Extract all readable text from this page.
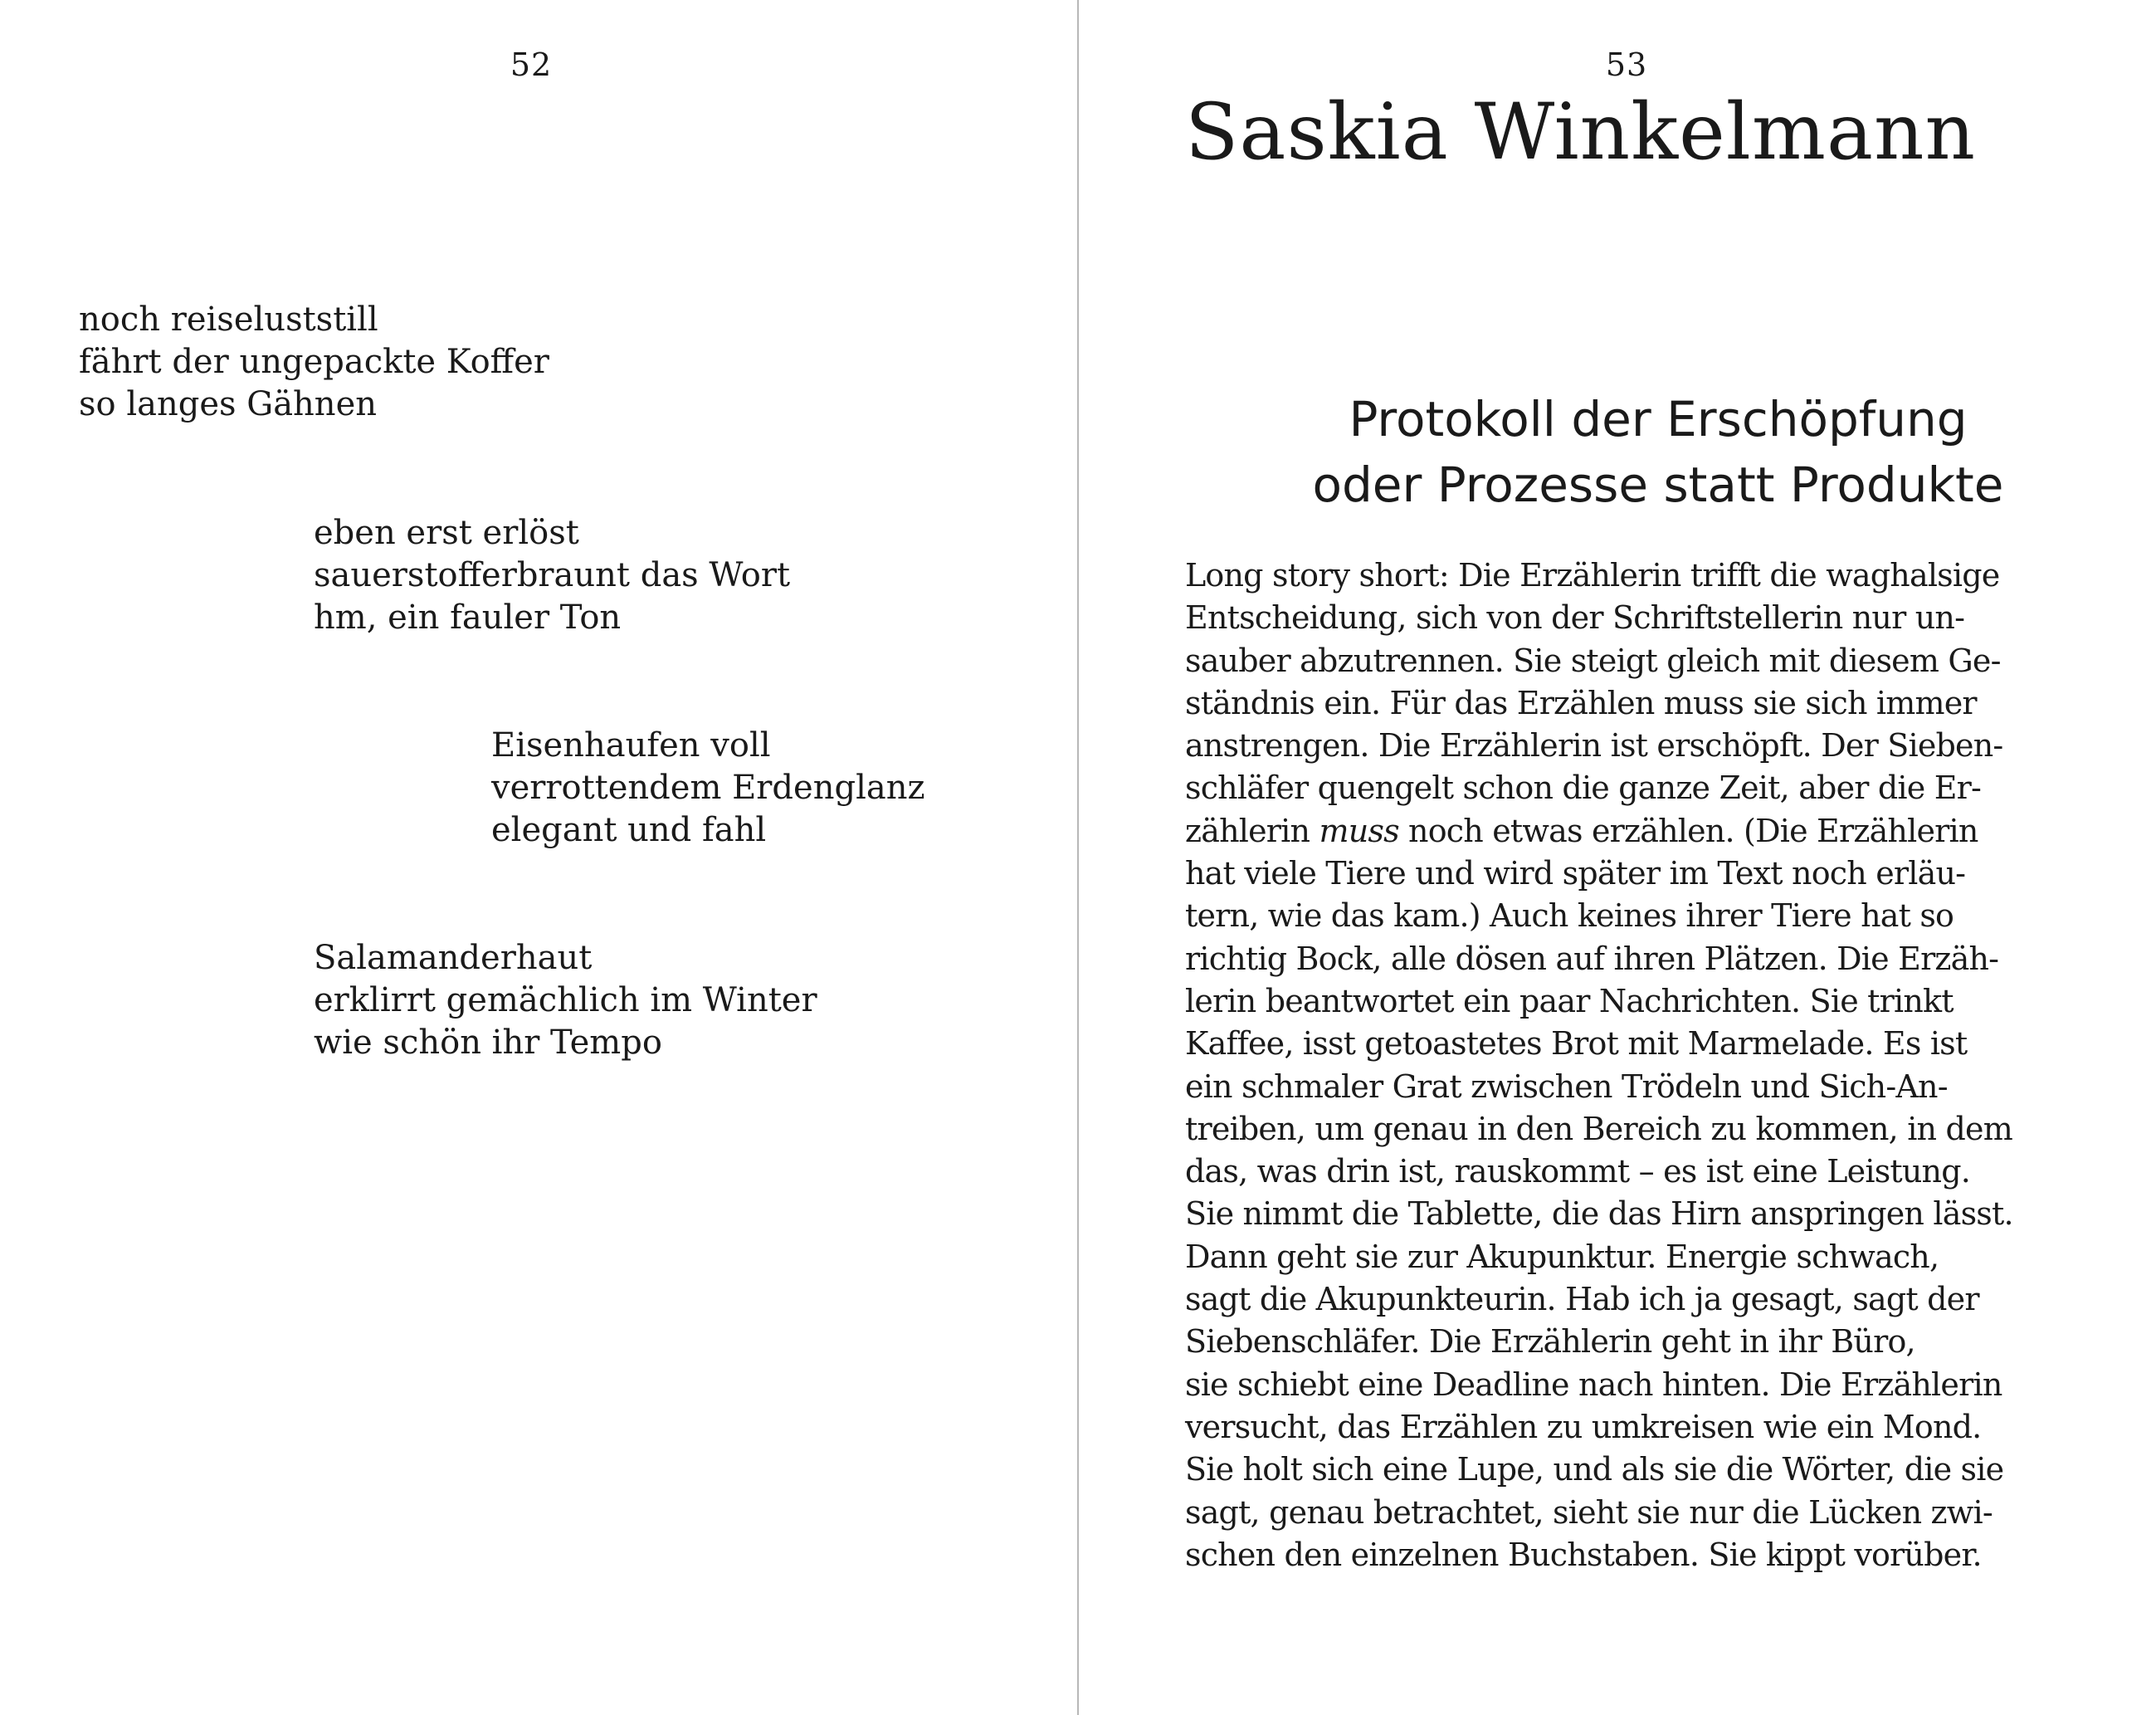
52
noch reiseluststill
fährt der ungepackte Koffer
so langes Gähnen
eben erst erlöst
sauerstofferbraunt das Wort
hm, ein fauler Ton
Eisenhaufen voll
verrottendem Erdenglanz
elegant und fahl
Salamanderhaut
erklirrt gemächlich im Winter
wie schön ihr Tempo
53
Saskia Winkelmann
Protokoll der Erschöpfung
oder Prozesse statt Produkte
Long story short: Die Erzählerin trifft die waghalsige
Entscheidung, sich von der Schriftstellerin nur un-
sauber abzutrennen. Sie steigt gleich mit diesem Ge-
ständnis ein. Für das Erzählen muss sie sich immer
anstrengen. Die Erzählerin ist erschöpft. Der Sieben-
schläfer quengelt schon die ganze Zeit, aber die Er-
zählerin muss noch etwas erzählen. (Die Erzählerin
hat viele Tiere und wird später im Text noch erläu-
tern, wie das kam.) Auch keines ihrer Tiere hat so
richtig Bock, alle dösen auf ihren Plätzen. Die Erzäh-
lerin beantwortet ein paar Nachrichten. Sie trinkt
Kaffee, isst getoastetes Brot mit Marmelade. Es ist
ein schmaler Grat zwischen Trödeln und Sich-An-
treiben, um genau in den Bereich zu kommen, in dem
das, was drin ist, rauskommt – es ist eine Leistung.
Sie nimmt die Tablette, die das Hirn anspringen lässt.
Dann geht sie zur Akupunktur. Energie schwach,
sagt die Akupunkteurin. Hab ich ja gesagt, sagt der
Siebenschläfer. Die Erzählerin geht in ihr Büro,
sie schiebt eine Deadline nach hinten. Die Erzählerin
versucht, das Erzählen zu umkreisen wie ein Mond.
Sie holt sich eine Lupe, und als sie die Wörter, die sie
sagt, genau betrachtet, sieht sie nur die Lücken zwi-
schen den einzelnen Buchstaben. Sie kippt vorüber.
